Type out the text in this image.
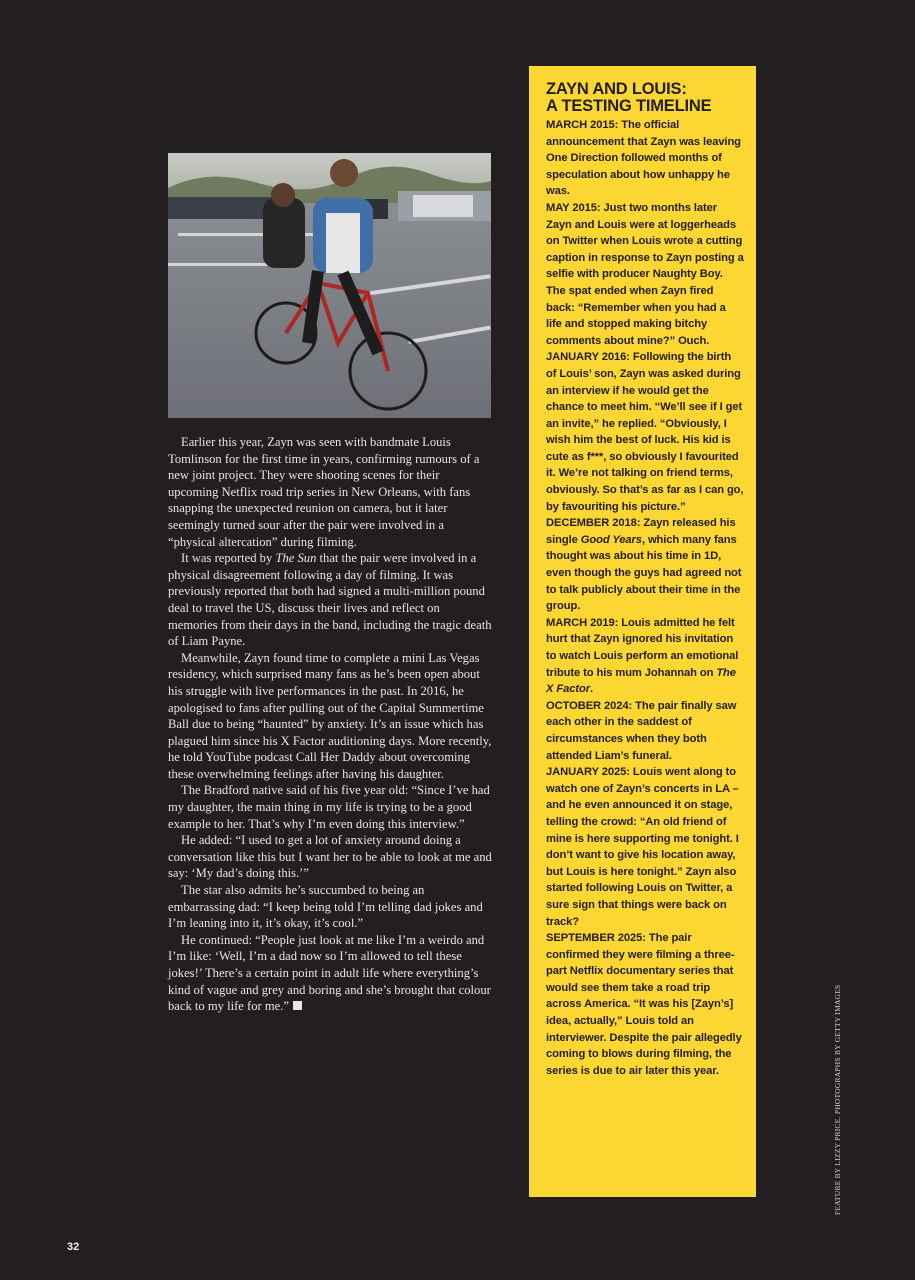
Earlier this year, Zayn was seen with bandmate Louis Tomlinson for the first time in years, confirming rumours of a new joint project. They were shooting scenes for their upcoming Netflix road trip series in New Orleans, with fans snapping the unexpected reunion on camera, but it later seemingly turned sour after the pair were involved in a “physical altercation” during filming.

It was reported by The Sun that the pair were involved in a physical disagreement following a day of filming. It was previously reported that both had signed a multi-million pound deal to travel the US, discuss their lives and reflect on memories from their days in the band, including the tragic death of Liam Payne.

Meanwhile, Zayn found time to complete a mini Las Vegas residency, which surprised many fans as he’s been open about his struggle with live performances in the past. In 2016, he apologised to fans after pulling out of the Capital Summertime Ball due to being “haunted” by anxiety. It’s an issue which has plagued him since his X Factor auditioning days. More recently, he told YouTube podcast Call Her Daddy about overcoming these overwhelming feelings after having his daughter.

The Bradford native said of his five year old: “Since I’ve had my daughter, the main thing in my life is trying to be a good example to her. That’s why I’m even doing this interview.”

He added: “I used to get a lot of anxiety around doing a conversation like this but I want her to be able to look at me and say: ‘My dad’s doing this.’”

The star also admits he’s succumbed to being an embarrassing dad: “I keep being told I’m telling dad jokes and I’m leaning into it, it’s okay, it’s cool.”

He continued: “People just look at me like I’m a weirdo and I’m like: ‘Well, I’m a dad now so I’m allowed to tell these jokes!’ There’s a certain point in adult life where everything’s kind of vague and grey and boring and she’s brought that colour back to my life for me.”

ZAYN AND LOUIS:
A TESTING TIMELINE

MARCH 2015: The official announcement that Zayn was leaving One Direction followed months of speculation about how unhappy he was.

MAY 2015: Just two months later Zayn and Louis were at loggerheads on Twitter when Louis wrote a cutting caption in response to Zayn posting a selfie with producer Naughty Boy. The spat ended when Zayn fired back: “Remember when you had a life and stopped making bitchy comments about mine?” Ouch.

JANUARY 2016: Following the birth of Louis’ son, Zayn was asked during an interview if he would get the chance to meet him. “We’ll see if I get an invite,” he replied. “Obviously, I wish him the best of luck. His kid is cute as f***, so obviously I favourited it. We’re not talking on friend terms, obviously. So that’s as far as I can go, by favouriting his picture.”

DECEMBER 2018: Zayn released his single Good Years, which many fans thought was about his time in 1D, even though the guys had agreed not to talk publicly about their time in the group.

MARCH 2019: Louis admitted he felt hurt that Zayn ignored his invitation to watch Louis perform an emotional tribute to his mum Johannah on The X Factor.

OCTOBER 2024: The pair finally saw each other in the saddest of circumstances when they both attended Liam’s funeral.

JANUARY 2025: Louis went along to watch one of Zayn’s concerts in LA – and he even announced it on stage, telling the crowd: “An old friend of mine is here supporting me tonight. I don’t want to give his location away, but Louis is here tonight.” Zayn also started following Louis on Twitter, a sure sign that things were back on track?

SEPTEMBER 2025: The pair confirmed they were filming a three-part Netflix documentary series that would see them take a road trip across America. “It was his [Zayn’s] idea, actually,” Louis told an interviewer. Despite the pair allegedly coming to blows during filming, the series is due to air later this year.	FEATURE BY LIZZY PRICE. PHOTOGRAPHS BY GETTY IMAGES
32
